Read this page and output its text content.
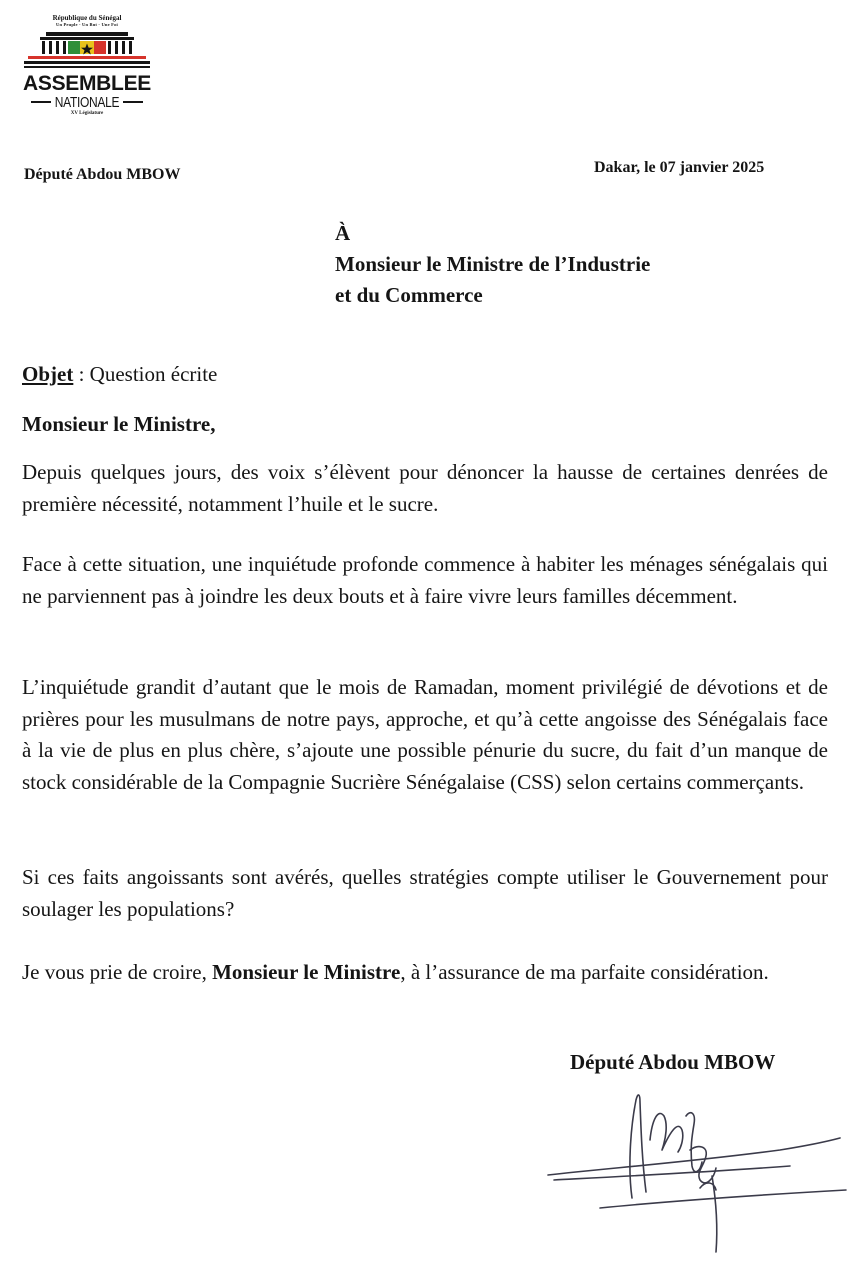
République du Sénégal
Un Peuple - Un But - Une Foi
ASSEMBLEE
NATIONALE
XV Législature
Député Abdou MBOW	Dakar, le 07 janvier 2025
À
Monsieur le Ministre de l’Industrie
et du Commerce
Objet : Question écrite
Monsieur le Ministre,
Depuis quelques jours, des voix s’élèvent pour dénoncer la hausse de certaines denrées de première nécessité, notamment l’huile et le sucre.
Face à cette situation, une inquiétude profonde commence à habiter les ménages sénégalais qui ne parviennent pas à joindre les deux bouts et à faire vivre leurs familles décemment.
L’inquiétude grandit d’autant que le mois de Ramadan, moment privilégié de dévotions et de prières pour les musulmans de notre pays, approche, et qu’à cette angoisse des Sénégalais face à la vie de plus en plus chère, s’ajoute une possible pénurie du sucre, du fait d’un manque de stock considérable de la Compagnie Sucrière Sénégalaise (CSS) selon certains commerçants.
Si ces faits angoissants sont avérés, quelles stratégies compte utiliser le Gouvernement pour soulager les populations?
Je vous prie de croire, Monsieur le Ministre, à l’assurance de ma parfaite considération.
Député Abdou MBOW
